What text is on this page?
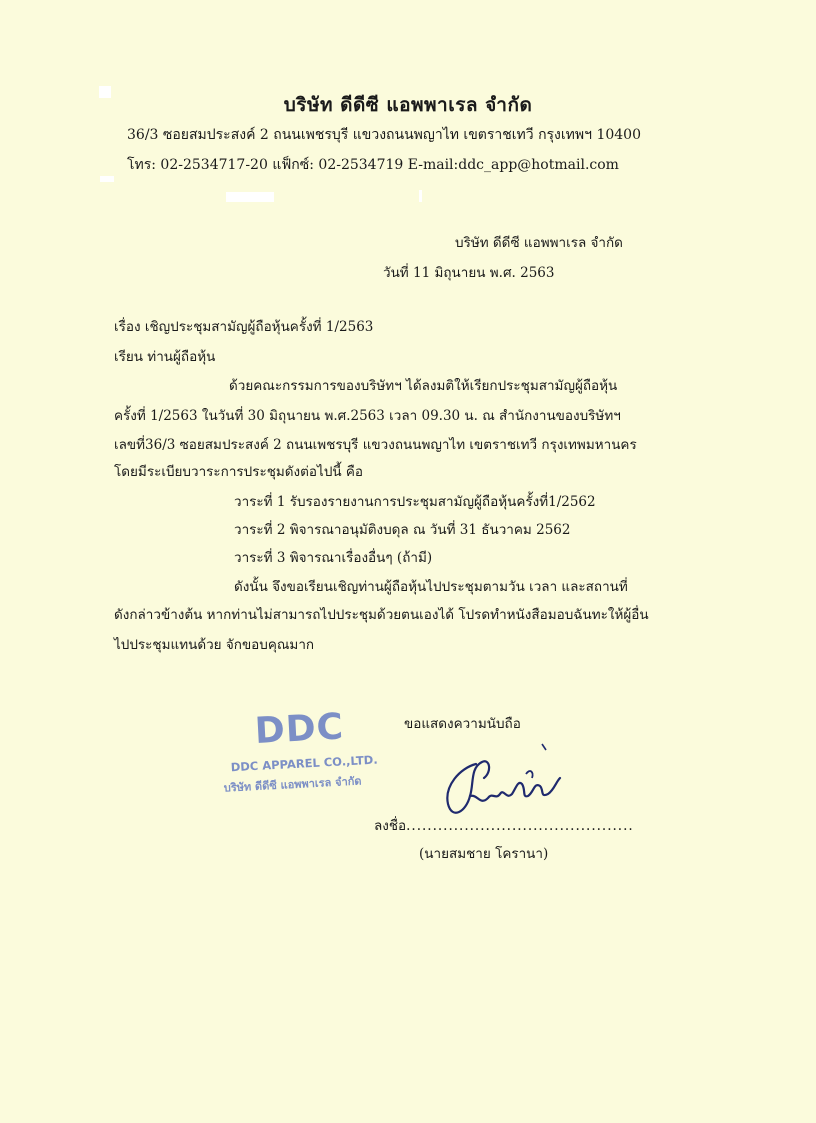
บริษัท ดีดีซี แอพพาเรล จำกัด
36/3 ซอยสมประสงค์ 2 ถนนเพชรบุรี แขวงถนนพญาไท เขตราชเทวี กรุงเทพฯ 10400
โทร: 02-2534717-20 แฟ็กซ์: 02-2534719 E-mail:ddc_app@hotmail.com
บริษัท ดีดีซี แอพพาเรล จำกัด
วันที่ 11 มิถุนายน พ.ศ. 2563
เรื่อง เชิญประชุมสามัญผู้ถือหุ้นครั้งที่ 1/2563
เรียน ท่านผู้ถือหุ้น
ด้วยคณะกรรมการของบริษัทฯ ได้ลงมติให้เรียกประชุมสามัญผู้ถือหุ้น
ครั้งที่ 1/2563 ในวันที่ 30 มิถุนายน พ.ศ.2563 เวลา 09.30 น. ณ สำนักงานของบริษัทฯ
เลขที่36/3 ซอยสมประสงค์ 2 ถนนเพชรบุรี แขวงถนนพญาไท เขตราชเทวี กรุงเทพมหานคร
โดยมีระเบียบวาระการประชุมดังต่อไปนี้ คือ
วาระที่ 1 รับรองรายงานการประชุมสามัญผู้ถือหุ้นครั้งที่1/2562
วาระที่ 2 พิจารณาอนุมัติงบดุล ณ วันที่ 31 ธันวาคม 2562
วาระที่ 3 พิจารณาเรื่องอื่นๆ (ถ้ามี)
ดังนั้น จึงขอเรียนเชิญท่านผู้ถือหุ้นไปประชุมตามวัน เวลา และสถานที่
ดังกล่าวข้างต้น หากท่านไม่สามารถไปประชุมด้วยตนเองได้ โปรดทำหนังสือมอบฉันทะให้ผู้อื่น
ไปประชุมแทนด้วย จักขอบคุณมาก
ขอแสดงความนับถือ
DDC
DDC APPAREL CO.,LTD.
บริษัท ดีดีซี แอพพาเรล จำกัด
ลงชื่อ...........................................
(นายสมชาย โครานา)
